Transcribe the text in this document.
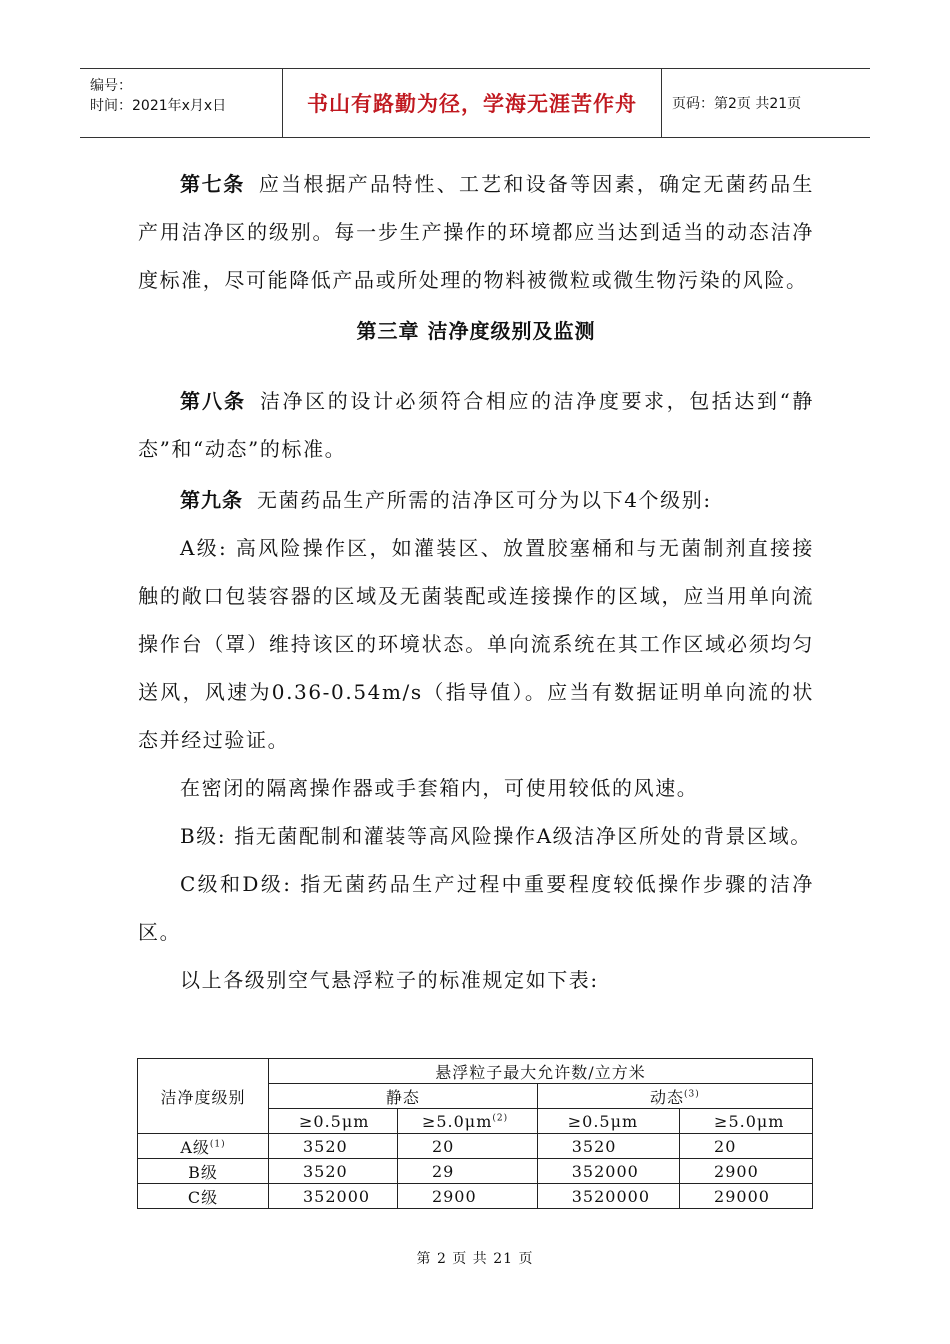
编号：
时间：2021年x月x日	书山有路勤为径，学海无涯苦作舟	页码：第2页 共21页

第七条 应当根据产品特性、工艺和设备等因素，确定无菌药品生产用洁净区的级别。每一步生产操作的环境都应当达到适当的动态洁净度标准，尽可能降低产品或所处理的物料被微粒或微生物污染的风险。

第三章 洁净度级别及监测

第八条 洁净区的设计必须符合相应的洁净度要求，包括达到“静态”和“动态”的标准。

第九条 无菌药品生产所需的洁净区可分为以下4个级别:

A级: 高风险操作区，如灌装区、放置胶塞桶和与无菌制剂直接接触的敞口包装容器的区域及无菌装配或连接操作的区域，应当用单向流操作台（罩）维持该区的环境状态。单向流系统在其工作区域必须均匀送风，风速为0.36-0.54m/s（指导值）。应当有数据证明单向流的状态并经过验证。

在密闭的隔离操作器或手套箱内，可使用较低的风速。

B级: 指无菌配制和灌装等高风险操作A级洁净区所处的背景区域。

C级和D级: 指无菌药品生产过程中重要程度较低操作步骤的洁净区。

以上各级别空气悬浮粒子的标准规定如下表:

洁净度级别	悬浮粒子最大允许数/立方米			
	静态		动态$^{(3)}$
	≥0.5μm	$\ge 5.0\mu m^{(2)}$	≥0.5μm	≥5.0μm
A级$^{(1)}$	3520	20	3520	20
B级	3520	29	352000	2900
C级	352000	2900	3520000	29000
第 2 页 共 21 页
